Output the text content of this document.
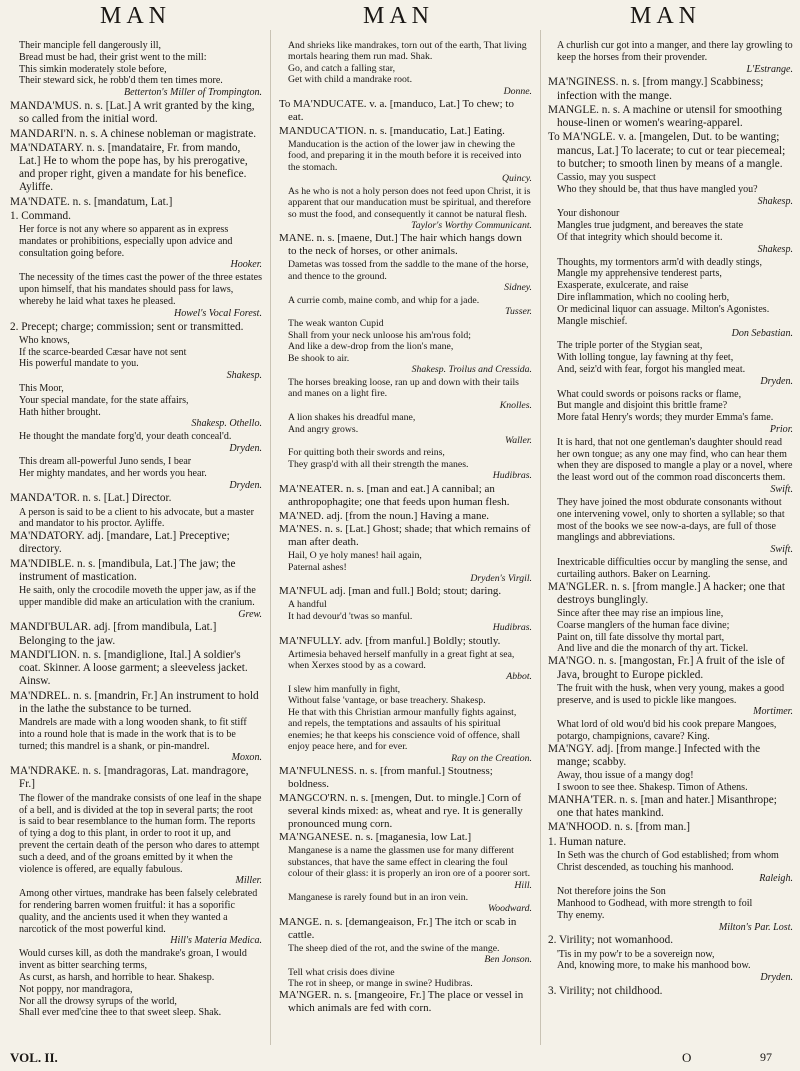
MAN	MAN	MAN

Their manciple fell dangerously ill,

Bread must be had, their grist went to the mill:

This simkin moderately stole before,

Their steward sick, he robb'd them ten times more.

Betterton's Miller of Trompington.

MANDA'MUS. n. s. [Lat.] A writ granted by the king, so called from the initial word.

MANDARI'N. n. s. A chinese nobleman or magistrate.

MA'NDATARY. n. s. [mandataire, Fr. from mando, Lat.] He to whom the pope has, by his prerogative, and proper right, given a mandate for his benefice. Ayliffe.

MA'NDATE. n. s. [mandatum, Lat.]

1. Command.

Her force is not any where so apparent as in express mandates or prohibitions, especially upon advice and consultation going before.

Hooker.

The necessity of the times cast the power of the three estates upon himself, that his mandates should pass for laws, whereby he laid what taxes he pleased.

Howel's Vocal Forest.

2. Precept; charge; commission; sent or transmitted.

Who knows,

If the scarce-bearded Cæsar have not sent

His powerful mandate to you.

Shakesp.

This Moor,

Your special mandate, for the state affairs,

Hath hither brought.

Shakesp. Othello.

He thought the mandate forg'd, your death conceal'd.

Dryden.

This dream all-powerful Juno sends, I bear

Her mighty mandates, and her words you hear.

Dryden.

MANDA'TOR. n. s. [Lat.] Director.

A person is said to be a client to his advocate, but a master and mandator to his proctor. Ayliffe.

MA'NDATORY. adj. [mandare, Lat.] Preceptive; directory.

MA'NDIBLE. n. s. [mandibula, Lat.] The jaw; the instrument of mastication.

He saith, only the crocodile moveth the upper jaw, as if the upper mandible did make an articulation with the cranium.

Grew.

MANDI'BULAR. adj. [from mandibula, Lat.] Belonging to the jaw.

MANDI'LION. n. s. [mandiglione, Ital.] A soldier's coat. Skinner. A loose garment; a sleeveless jacket. Ainsw.

MA'NDREL. n. s. [mandrin, Fr.] An instrument to hold in the lathe the substance to be turned.

Mandrels are made with a long wooden shank, to fit stiff into a round hole that is made in the work that is to be turned; this mandrel is a shank, or pin-mandrel.

Moxon.

MA'NDRAKE. n. s. [mandragoras, Lat. mandragore, Fr.]

The flower of the mandrake consists of one leaf in the shape of a bell, and is divided at the top in several parts; the root is said to bear resemblance to the human form. The reports of tying a dog to this plant, in order to root it up, and prevent the certain death of the person who dares to attempt such a deed, and of the groans emitted by it when the violence is offered, are equally fabulous.

Miller.

Among other virtues, mandrake has been falsely celebrated for rendering barren women fruitful: it has a soporific quality, and the ancients used it when they wanted a narcotick of the most powerful kind.

Hill's Materia Medica.

Would curses kill, as doth the mandrake's groan, I would invent as bitter searching terms,

As curst, as harsh, and horrible to hear. Shakesp.

Not poppy, nor mandragora,

Nor all the drowsy syrups of the world,

Shall ever med'cine thee to that sweet sleep. Shak.

And shrieks like mandrakes, torn out of the earth, That living mortals hearing them run mad. Shak.

Go, and catch a falling star,

Get with child a mandrake root.

Donne.

To MA'NDUCATE. v. a. [manduco, Lat.] To chew; to eat.

MANDUCA'TION. n. s. [manducatio, Lat.] Eating.

Manducation is the action of the lower jaw in chewing the food, and preparing it in the mouth before it is received into the stomach.

Quincy.

As he who is not a holy person does not feed upon Christ, it is apparent that our manducation must be spiritual, and therefore so must the food, and consequently it cannot be natural flesh.

Taylor's Worthy Communicant.

MANE. n. s. [maene, Dut.] The hair which hangs down to the neck of horses, or other animals.

Dametas was tossed from the saddle to the mane of the horse, and thence to the ground.

Sidney.

A currie comb, maine comb, and whip for a jade.

Tusser.

The weak wanton Cupid

Shall from your neck unloose his am'rous fold;

And like a dew-drop from the lion's mane,

Be shook to air.

Shakesp. Troilus and Cressida.

The horses breaking loose, ran up and down with their tails and manes on a light fire.

Knolles.

A lion shakes his dreadful mane,

And angry grows.

Waller.

For quitting both their swords and reins,

They grasp'd with all their strength the manes.

Hudibras.

MA'NEATER. n. s. [man and eat.] A cannibal; an anthropophagite; one that feeds upon human flesh.

MA'NED. adj. [from the noun.] Having a mane.

MA'NES. n. s. [Lat.] Ghost; shade; that which remains of man after death.

Hail, O ye holy manes! hail again,

Paternal ashes!

Dryden's Virgil.

MA'NFUL adj. [man and full.] Bold; stout; daring.

A handful

It had devour'd 'twas so manful.

Hudibras.

MA'NFULLY. adv. [from manful.] Boldly; stoutly.

Artimesia behaved herself manfully in a great fight at sea, when Xerxes stood by as a coward.

Abbot.

I slew him manfully in fight,

Without false 'vantage, or base treachery. Shakesp.

He that with this Christian armour manfully fights against, and repels, the temptations and assaults of his spiritual enemies; he that keeps his conscience void of offence, shall enjoy peace here, and for ever.

Ray on the Creation.

MA'NFULNESS. n. s. [from manful.] Stoutness; boldness.

MANGCO'RN. n. s. [mengen, Dut. to mingle.] Corn of several kinds mixed: as, wheat and rye. It is generally pronounced mung corn.

MA'NGANESE. n. s. [maganesia, low Lat.]

Manganese is a name the glassmen use for many different substances, that have the same effect in clearing the foul colour of their glass: it is properly an iron ore of a poorer sort.

Hill.

Manganese is rarely found but in an iron vein.

Woodward.

MANGE. n. s. [demangeaison, Fr.] The itch or scab in cattle.

The sheep died of the rot, and the swine of the mange.

Ben Jonson.

Tell what crisis does divine

The rot in sheep, or mange in swine? Hudibras.

MA'NGER. n. s. [mangeoire, Fr.] The place or vessel in which animals are fed with corn.

A churlish cur got into a manger, and there lay growling to keep the horses from their provender.

L'Estrange.

MA'NGINESS. n. s. [from mangy.] Scabbiness; infection with the mange.

MANGLE. n. s. A machine or utensil for smoothing house-linen or women's wearing-apparel.

To MA'NGLE. v. a. [mangelen, Dut. to be wanting; mancus, Lat.] To lacerate; to cut or tear piecemeal; to butcher; to smooth linen by means of a mangle.

Cassio, may you suspect

Who they should be, that thus have mangled you?

Shakesp.

Your dishonour

Mangles true judgment, and bereaves the state

Of that integrity which should become it.

Shakesp.

Thoughts, my tormentors arm'd with deadly stings,

Mangle my apprehensive tenderest parts,

Exasperate, exulcerate, and raise

Dire inflammation, which no cooling herb,

Or medicinal liquor can assuage. Milton's Agonistes.

Mangle mischief.

Don Sebastian.

The triple porter of the Stygian seat,

With lolling tongue, lay fawning at thy feet,

And, seiz'd with fear, forgot his mangled meat.

Dryden.

What could swords or poisons racks or flame,

But mangle and disjoint this brittle frame?

More fatal Henry's words; they murder Emma's fame.

Prior.

It is hard, that not one gentleman's daughter should read her own tongue; as any one may find, who can hear them when they are disposed to mangle a play or a novel, where the least word out of the common road disconcerts them.

Swift.

They have joined the most obdurate consonants without one intervening vowel, only to shorten a syllable; so that most of the books we see now-a-days, are full of those manglings and abbreviations.

Swift.

Inextricable difficulties occur by mangling the sense, and curtailing authors. Baker on Learning.

MA'NGLER. n. s. [from mangle.] A hacker; one that destroys bunglingly.

Since after thee may rise an impious line,

Coarse manglers of the human face divine;

Paint on, till fate dissolve thy mortal part,

And live and die the monarch of thy art. Tickel.

MA'NGO. n. s. [mangostan, Fr.] A fruit of the isle of Java, brought to Europe pickled.

The fruit with the husk, when very young, makes a good preserve, and is used to pickle like mangoes.

Mortimer.

What lord of old wou'd bid his cook prepare Mangoes, potargo, champignions, cavare? King.

MA'NGY. adj. [from mange.] Infected with the mange; scabby.

Away, thou issue of a mangy dog!

I swoon to see thee. Shakesp. Timon of Athens.

MANHA'TER. n. s. [man and hater.] Misanthrope; one that hates mankind.

MA'NHOOD. n. s. [from man.]

1. Human nature.

In Seth was the church of God established; from whom Christ descended, as touching his manhood.

Raleigh.

Not therefore joins the Son

Manhood to Godhead, with more strength to foil

Thy enemy.

Milton's Par. Lost.

2. Virility; not womanhood.

'Tis in my pow'r to be a sovereign now,

And, knowing more, to make his manhood bow.

Dryden.

3. Virility; not childhood.

VOL. II.	O	97
